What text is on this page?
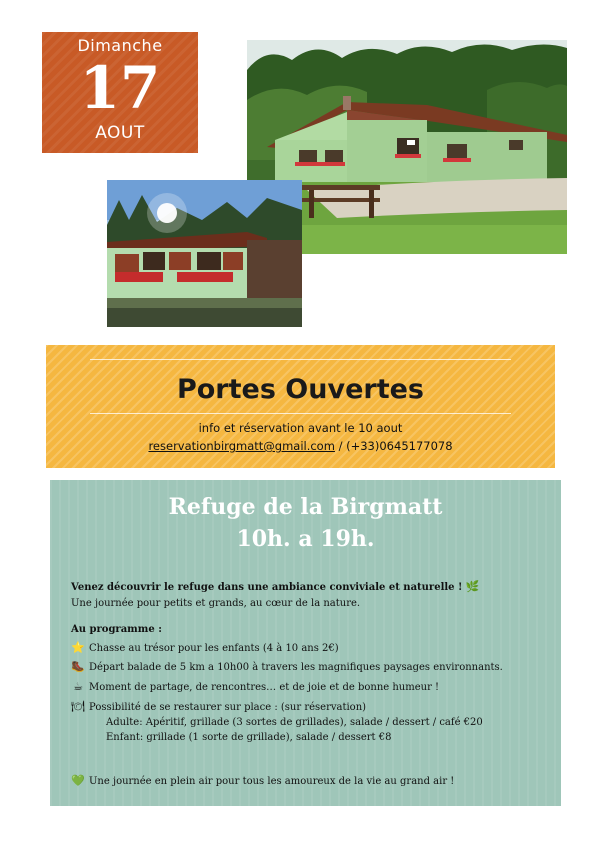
Dimanche
17
AOUT
Portes Ouvertes
info et réservation avant le 10 aout
reservationbirgmatt@gmail.com / (+33)0645177078
Refuge de la Birgmatt
10h. a 19h.
Venez découvrir le refuge dans une ambiance conviviale et naturelle ! 🌿
Une journée pour petits et grands, au cœur de la nature.
Au programme :
⭐ Chasse au trésor pour les enfants (4 à 10 ans 2€)
🥾 Départ balade de 5 km a 10h00 à travers les magnifiques paysages environnants.
☕ Moment de partage, de rencontres… et de joie et de bonne humeur !
🍽 Possibilité de se restaurer sur place : (sur réservation)
Adulte: Apéritif, grillade (3 sortes de grillades), salade / dessert / café €20
Enfant: grillade (1 sorte de grillade), salade / dessert €8
💚 Une journée en plein air pour tous les amoureux de la vie au grand air !
